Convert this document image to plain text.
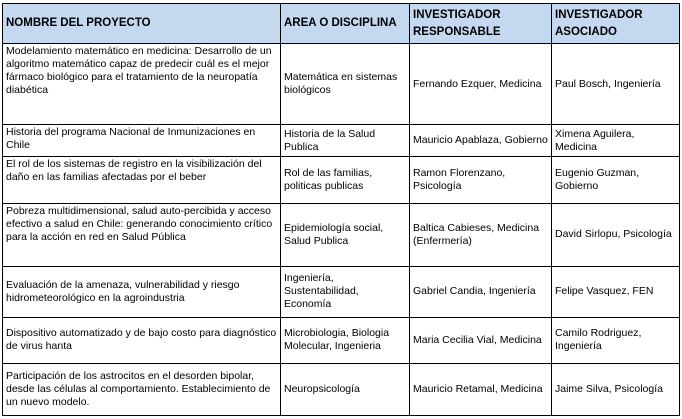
NOMBRE DEL PROYECTO	AREA O DISCIPLINA	INVESTIGADOR RESPONSABLE	INVESTIGADOR ASOCIADO
Modelamiento matemático en medicina: Desarrollo de un algoritmo matemático capaz de predecir cuál es el mejor fármaco biológico para el tratamiento de la neuropatía diabética	Matemática en sistemas biológicos	Fernando Ezquer, Medicina	Paul Bosch, Ingeniería
Historia del programa Nacional de Inmunizaciones en Chile	Historia de la Salud Publica	Mauricio Apablaza, Gobierno	Ximena Aguilera, Medicina
El rol de los sistemas de registro en la visibilización del daño en las familias afectadas por el beber	Rol de las familias, politicas publicas	Ramon Florenzano, Psicología	Eugenio Guzman, Gobierno
Pobreza multidimensional, salud auto-percibida y acceso efectivo a salud en Chile: generando conocimiento crítico para la acción en red en Salud Pública	Epidemiología social, Salud Publica	Baltica Cabieses, Medicina (Enfermería)	David Sirlopu, Psicología
Evaluación de la amenaza, vulnerabilidad y riesgo hidrometeorológico en la agroindustria	Ingeniería, Sustentabilidad, Economía	Gabriel Candia, Ingeniería	Felipe Vasquez, FEN
Dispositivo automatizado y de bajo costo para diagnóstico de virus hanta	Microbiologia, Biologia Molecular, Ingenieria	Maria Cecilia Vial, Medicina	Camilo Rodriguez, Ingeniería
Participación de los astrocitos en el desorden bipolar, desde las células al comportamiento. Establecimiento de un nuevo modelo.	Neuropsicología	Mauricio Retamal, Medicina	Jaime Silva, Psicología
